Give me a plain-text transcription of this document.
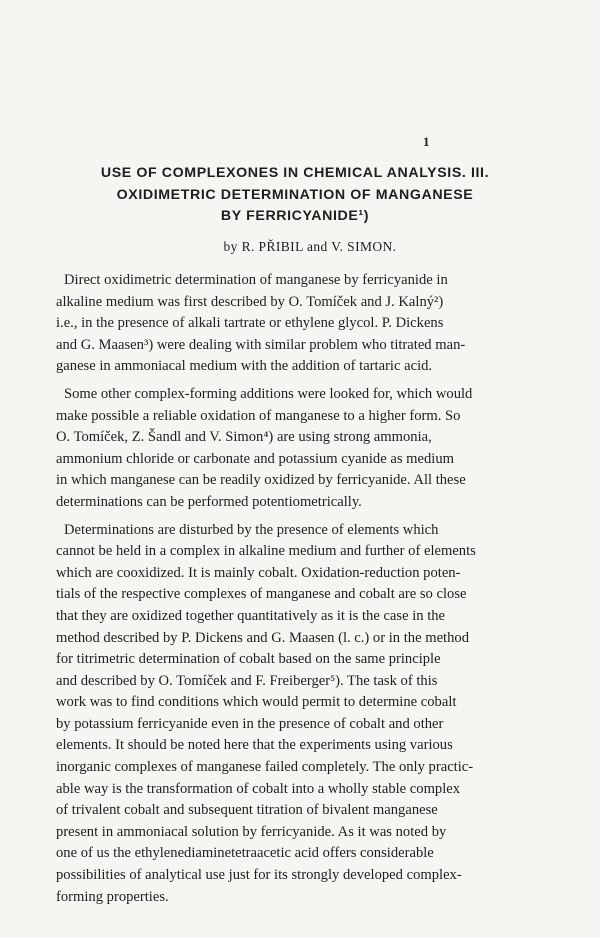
1
USE OF COMPLEXONES IN CHEMICAL ANALYSIS. III.
OXIDIMETRIC DETERMINATION OF MANGANESE
BY FERRICYANIDE¹)
by R. PŘIBIL and V. SIMON.
Direct oxidimetric determination of manganese by ferricyanide in
alkaline medium was first described by O. Tomíček and J. Kalný²)
i.e., in the presence of alkali tartrate or ethylene glycol. P. Dickens
and G. Maasen³) were dealing with similar problem who titrated man-
ganese in ammoniacal medium with the addition of tartaric acid.
Some other complex-forming additions were looked for, which would
make possible a reliable oxidation of manganese to a higher form. So
O. Tomíček, Z. Šandl and V. Simon⁴) are using strong ammonia,
ammonium chloride or carbonate and potassium cyanide as medium
in which manganese can be readily oxidized by ferricyanide. All these
determinations can be performed potentiometrically.
Determinations are disturbed by the presence of elements which
cannot be held in a complex in alkaline medium and further of elements
which are cooxidized. It is mainly cobalt. Oxidation-reduction poten-
tials of the respective complexes of manganese and cobalt are so close
that they are oxidized together quantitatively as it is the case in the
method described by P. Dickens and G. Maasen (l. c.) or in the method
for titrimetric determination of cobalt based on the same principle
and described by O. Tomíček and F. Freiberger⁵). The task of this
work was to find conditions which would permit to determine cobalt
by potassium ferricyanide even in the presence of cobalt and other
elements. It should be noted here that the experiments using various
inorganic complexes of manganese failed completely. The only practic-
able way is the transformation of cobalt into a wholly stable complex
of trivalent cobalt and subsequent titration of bivalent manganese
present in ammoniacal solution by ferricyanide. As it was noted by
one of us the ethylenediaminetetraacetic acid offers considerable
possibilities of analytical use just for its strongly developed complex-
forming properties.
